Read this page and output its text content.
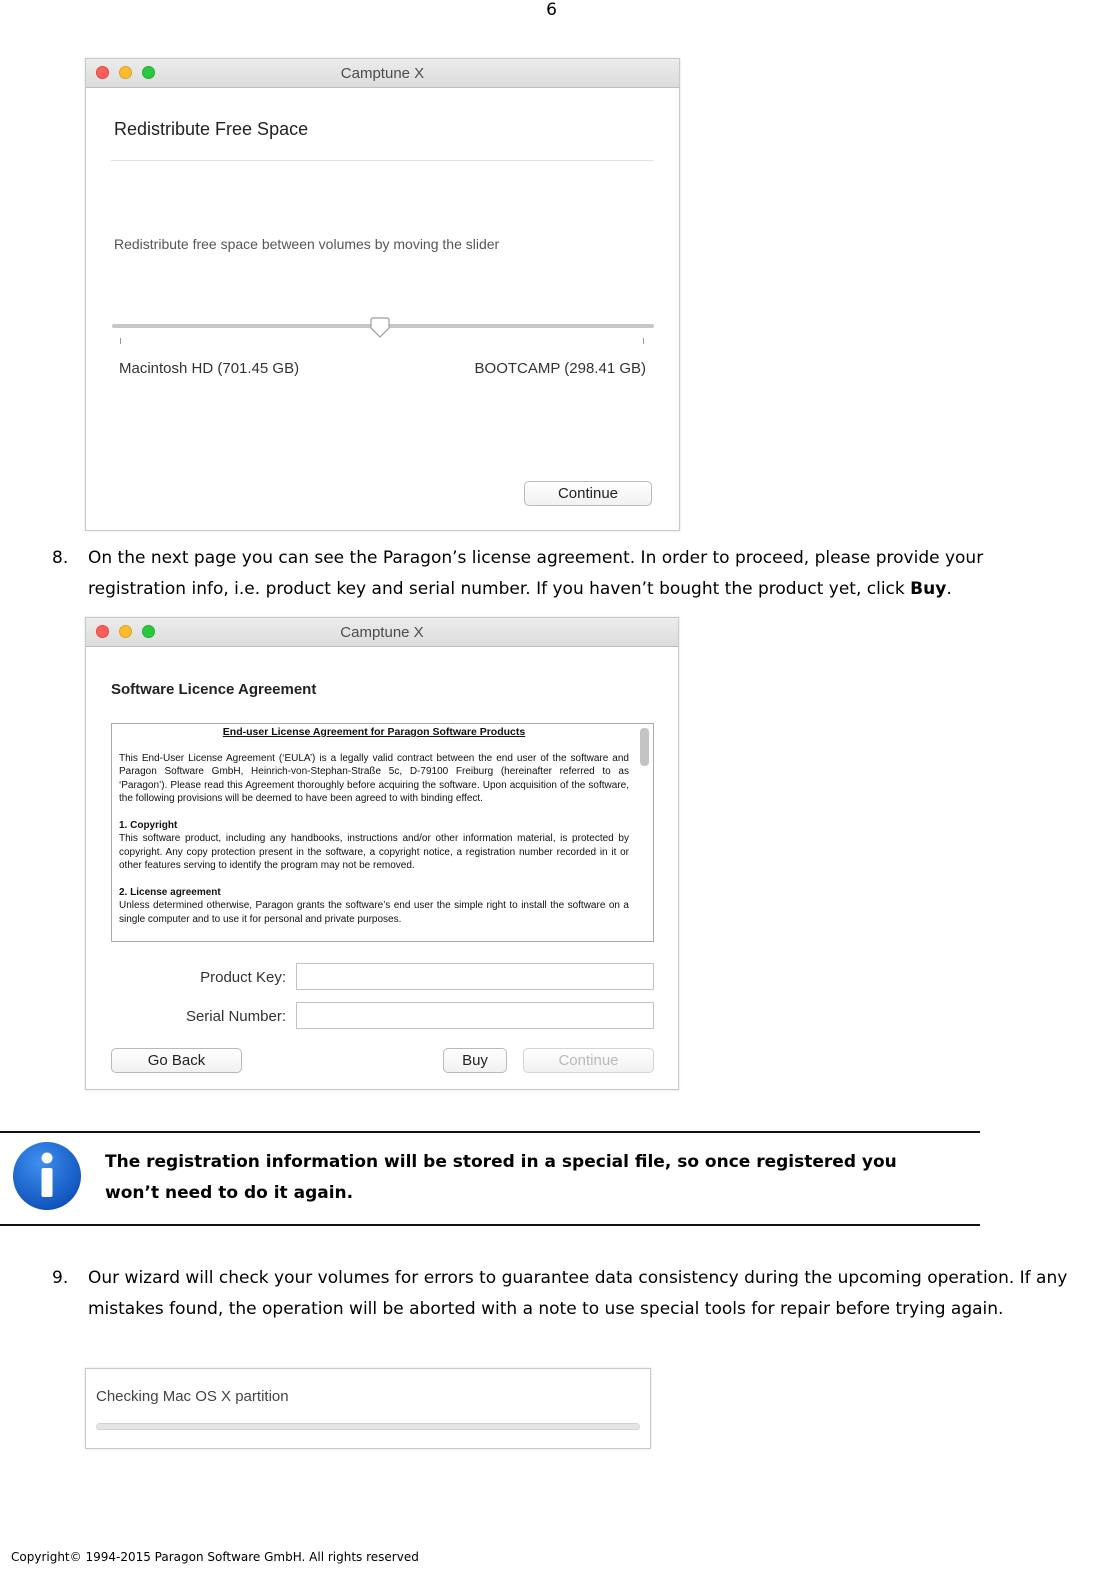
6
Camptune X
Redistribute Free Space
Redistribute free space between volumes by moving the slider
Macintosh HD (701.45 GB)	BOOTCAMP (298.41 GB)
Continue
8. On the next page you can see the Paragon’s license agreement. In order to proceed, please provide your
registration info, i.e. product key and serial number. If you haven’t bought the product yet, click Buy.
Camptune X
Software Licence Agreement
End-user License Agreement for Paragon Software Products
This End-User License Agreement (‘EULA’) is a legally valid contract between the end user of the software and Paragon Software GmbH, Heinrich-von-Stephan-Straße 5c, D-79100 Freiburg (hereinafter referred to as ‘Paragon’). Please read this Agreement thoroughly before acquiring the software. Upon acquisition of the software, the following provisions will be deemed to have been agreed to with binding effect.
1. Copyright
This software product, including any handbooks, instructions and/or other information material, is protected by copyright. Any copy protection present in the software, a copyright notice, a registration number recorded in it or other features serving to identify the program may not be removed.
2. License agreement
Unless determined otherwise, Paragon grants the software’s end user the simple right to install the software on a single computer and to use it for personal and private purposes.
Product Key:
Serial Number:
Go Back	Buy	Continue
The registration information will be stored in a special file, so once registered you won’t need to do it again.
9. Our wizard will check your volumes for errors to guarantee data consistency during the upcoming operation. If any mistakes found, the operation will be aborted with a note to use special tools for repair before trying again.
Checking Mac OS X partition
Copyright© 1994-2015 Paragon Software GmbH. All rights reserved
